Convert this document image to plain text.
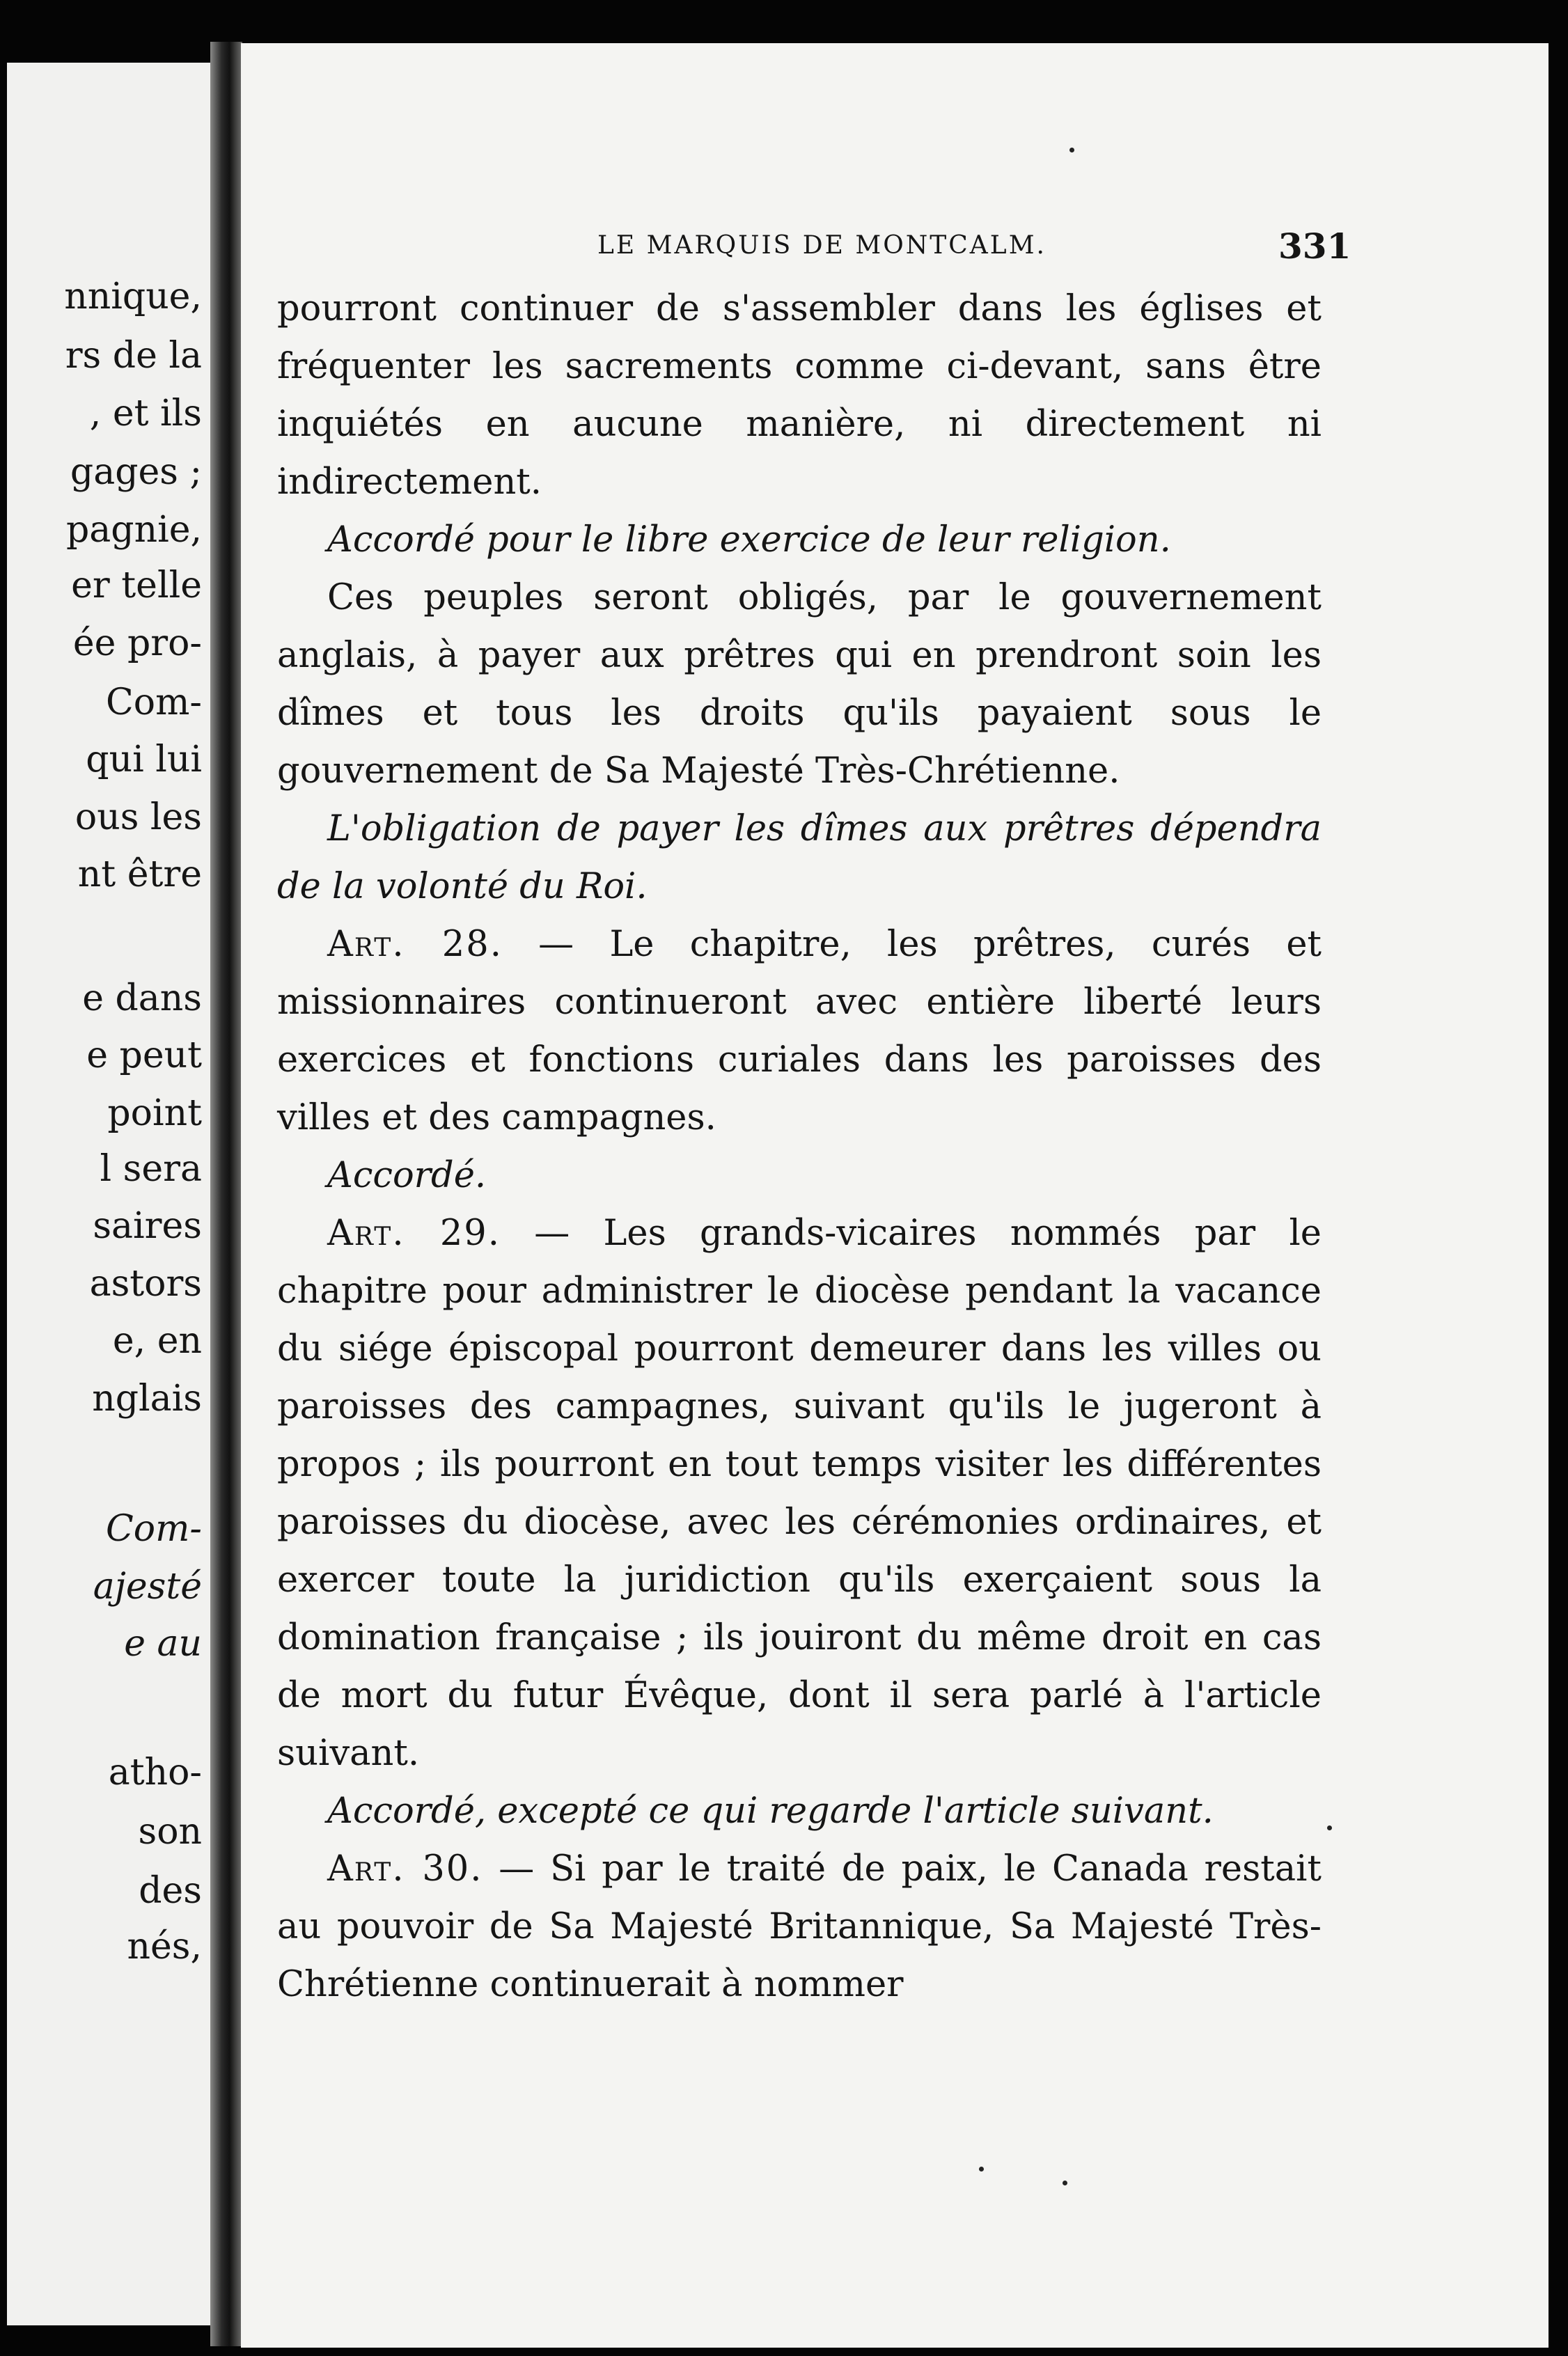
nnique,
rs de la
, et ils
gages ;
pagnie,
er telle
ée pro-
Com-
qui lui
ous les
nt être
e dans
e peut
point
l sera
saires
astors
e, en
nglais
Com-
ajesté
e au
atho-
son
des
nés,
LE MARQUIS DE MONTCALM.	331

pourront continuer de s'assembler dans les églises et fréquenter les sacrements comme ci-devant, sans être inquiétés en aucune manière, ni directement ni indirectement.

Accordé pour le libre exercice de leur religion.

Ces peuples seront obligés, par le gouvernement anglais, à payer aux prêtres qui en prendront soin les dîmes et tous les droits qu'ils payaient sous le gouvernement de Sa Majesté Très-Chrétienne.

L'obligation de payer les dîmes aux prêtres dépendra de la volonté du Roi.

Art. 28. — Le chapitre, les prêtres, curés et missionnaires continueront avec entière liberté leurs exercices et fonctions curiales dans les paroisses des villes et des campagnes.

Accordé.

Art. 29. — Les grands-vicaires nommés par le chapitre pour administrer le diocèse pendant la vacance du siége épiscopal pourront demeurer dans les villes ou paroisses des campagnes, suivant qu'ils le jugeront à propos ; ils pourront en tout temps visiter les différentes paroisses du diocèse, avec les cérémonies ordinaires, et exercer toute la juridiction qu'ils exerçaient sous la domination française ; ils jouiront du même droit en cas de mort du futur Évêque, dont il sera parlé à l'article suivant.

Accordé, excepté ce qui regarde l'article suivant.

Art. 30. — Si par le traité de paix, le Canada restait au pouvoir de Sa Majesté Britannique, Sa Majesté Très-Chrétienne continuerait à nommer
